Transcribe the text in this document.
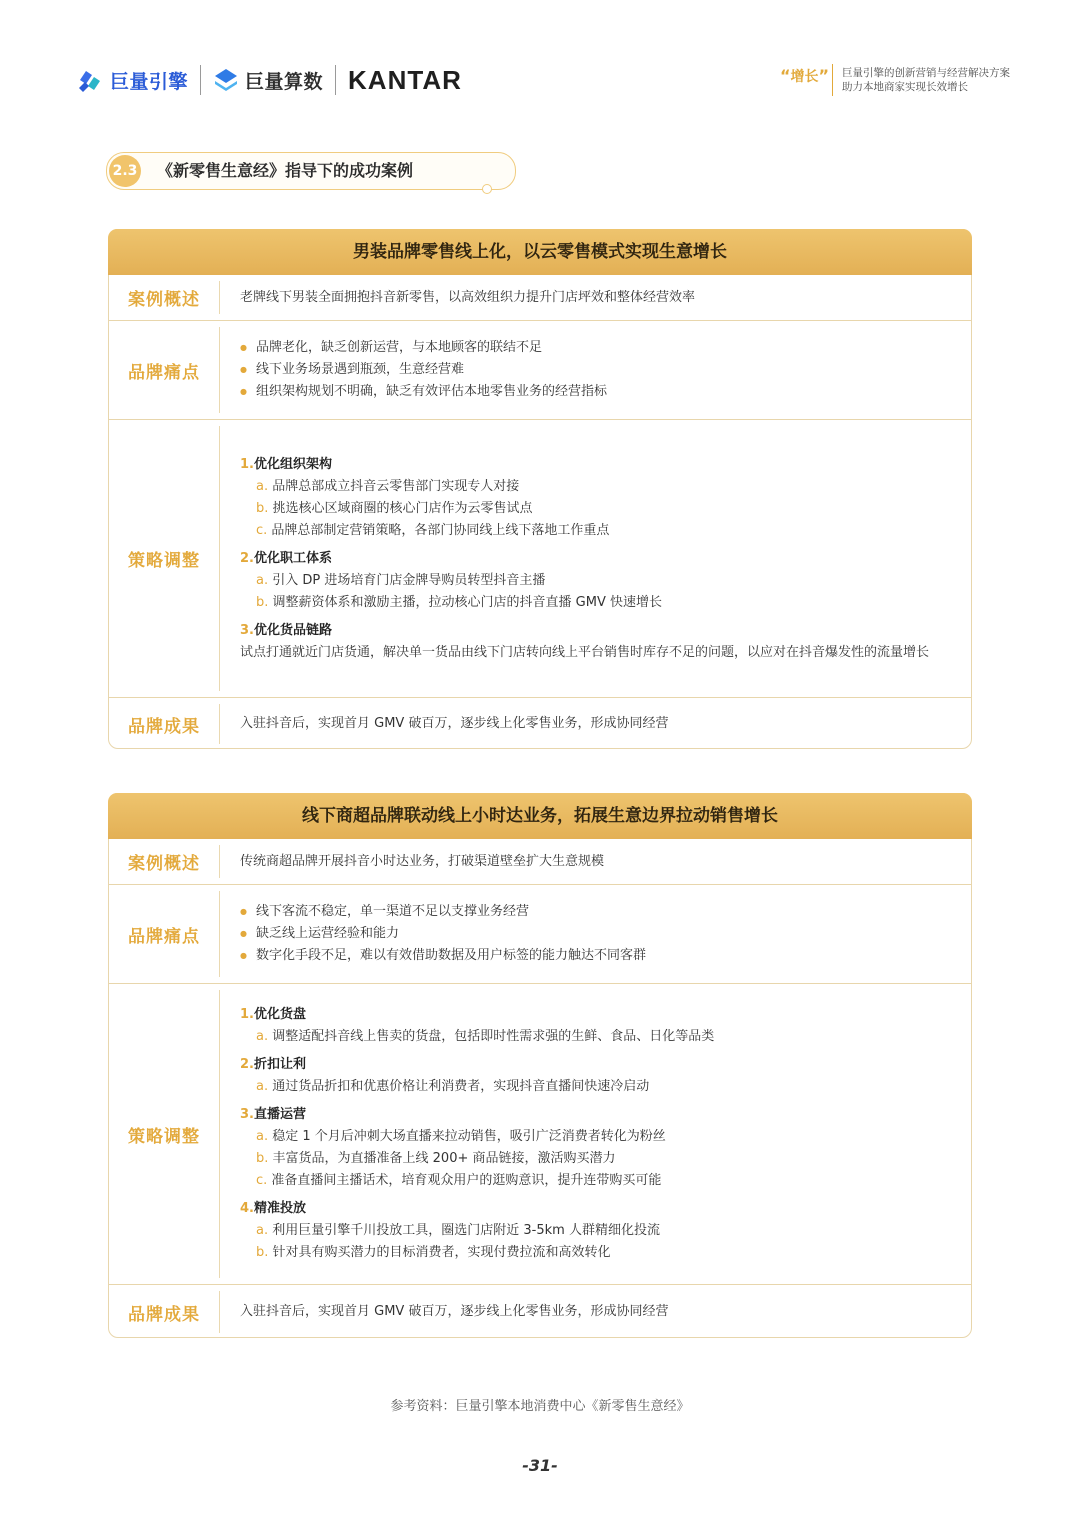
巨量引擎	巨量算数 KANTAR	“增长” 巨量引擎的创新营销与经营解决方案
助力本地商家实现长效增长
2.3 《新零售生意经》指导下的成功案例
男装品牌零售线上化，以云零售模式实现生意增长
案例概述	老牌线下男装全面拥抱抖音新零售，以高效组织力提升门店坪效和整体经营效率
品牌痛点
● 品牌老化，缺乏创新运营，与本地顾客的联结不足
● 线下业务场景遇到瓶颈，生意经营难
● 组织架构规划不明确，缺乏有效评估本地零售业务的经营指标
策略调整
1.优化组织架构
a. 品牌总部成立抖音云零售部门实现专人对接
b. 挑选核心区域商圈的核心门店作为云零售试点
c. 品牌总部制定营销策略，各部门协同线上线下落地工作重点
2.优化职工体系
a. 引入 DP 进场培育门店金牌导购员转型抖音主播
b. 调整薪资体系和激励主播，拉动核心门店的抖音直播 GMV 快速增长
3.优化货品链路
试点打通就近门店货通，解决单一货品由线下门店转向线上平台销售时库存不足的问题，以应对在抖音爆发性的流量增长
品牌成果	入驻抖音后，实现首月 GMV 破百万，逐步线上化零售业务，形成协同经营
线下商超品牌联动线上小时达业务，拓展生意边界拉动销售增长
案例概述	传统商超品牌开展抖音小时达业务，打破渠道壁垒扩大生意规模
品牌痛点
● 线下客流不稳定，单一渠道不足以支撑业务经营
● 缺乏线上运营经验和能力
● 数字化手段不足，难以有效借助数据及用户标签的能力触达不同客群
策略调整
1.优化货盘
a. 调整适配抖音线上售卖的货盘，包括即时性需求强的生鲜、食品、日化等品类
2.折扣让利
a. 通过货品折扣和优惠价格让利消费者，实现抖音直播间快速冷启动
3.直播运营
a. 稳定 1 个月后冲刺大场直播来拉动销售，吸引广泛消费者转化为粉丝
b. 丰富货品，为直播准备上线 200+ 商品链接，激活购买潜力
c. 准备直播间主播话术，培育观众用户的逛购意识，提升连带购买可能
4.精准投放
a. 利用巨量引擎千川投放工具，圈选门店附近 3-5km 人群精细化投流
b. 针对具有购买潜力的目标消费者，实现付费拉流和高效转化
品牌成果	入驻抖音后，实现首月 GMV 破百万，逐步线上化零售业务，形成协同经营
参考资料：巨量引擎本地消费中心《新零售生意经》
-31-
